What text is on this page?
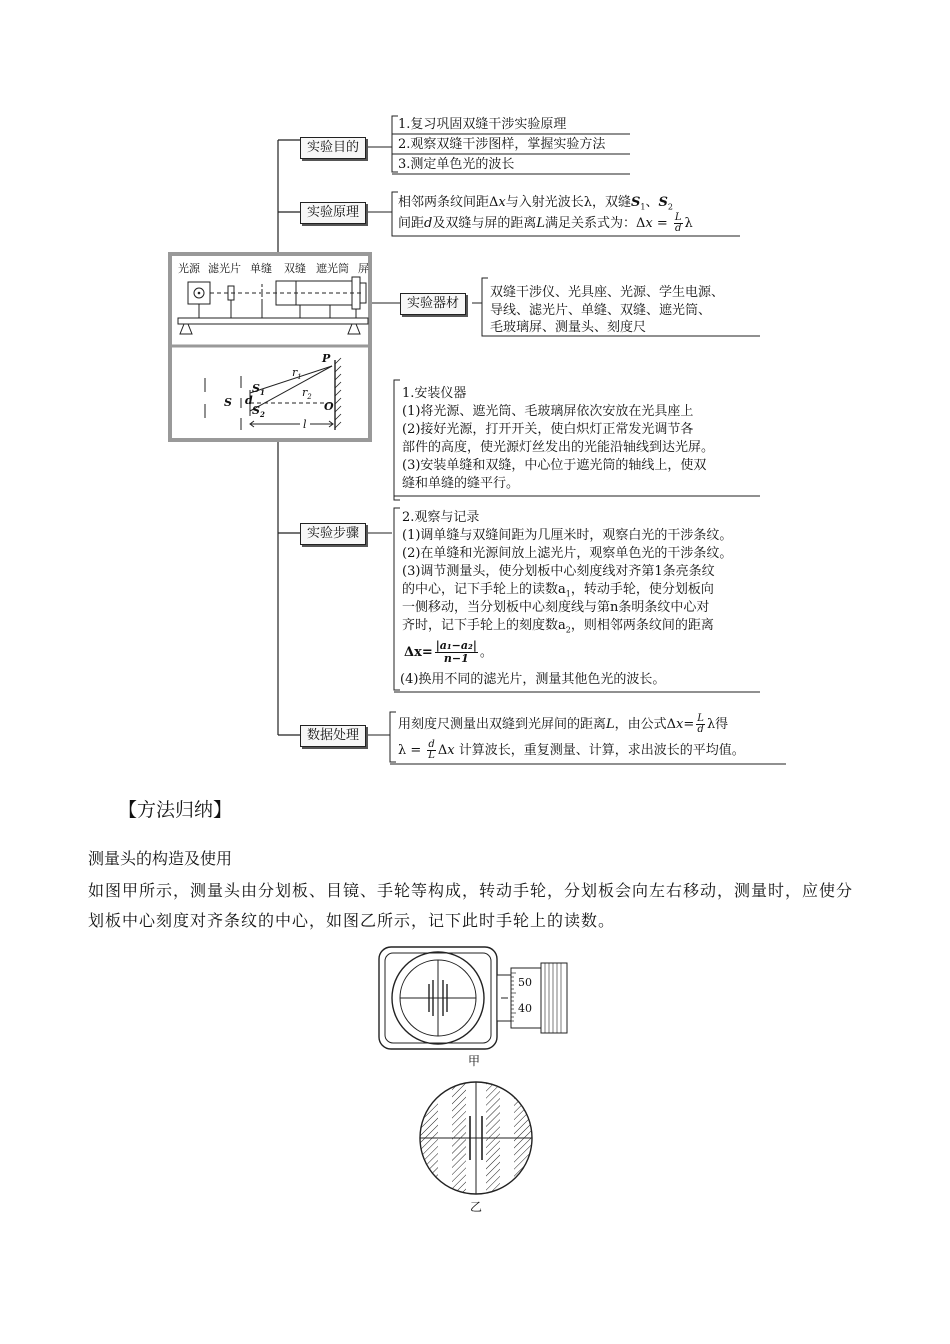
实验目的
实验原理
实验器材
实验步骤
数据处理
1.复习巩固双缝干涉实验原理
2.观察双缝干涉图样，掌握实验方法
3.测定单色光的波长
相邻两条纹间距Δx与入射光波长λ，双缝$S_1$、$S_2$
间距d及双缝与屏的距离L满足关系式为：$\Delta x = \frac{L}{d}$ λ
光源 滤光片 单缝 双缝 遮光筒 屏
P
$r_1$
$r_2$
S
$S_1$
d
$S_2$
O
l
双缝干涉仪、光具座、光源、学生电源、
导线、滤光片、单缝、双缝、遮光筒、
毛玻璃屏、测量头、刻度尺
1.安装仪器
(1)将光源、遮光筒、毛玻璃屏依次安放在光具座上
(2)接好光源，打开开关，使白炽灯正常发光调节各
部件的高度，使光源灯丝发出的光能沿轴线到达光屏。
(3)安装单缝和双缝，中心位于遮光筒的轴线上，使双
缝和单缝的缝平行。
2.观察与记录
(1)调单缝与双缝间距为几厘米时，观察白光的干涉条纹。
(2)在单缝和光源间放上滤光片，观察单色光的干涉条纹。
(3)调节测量头，使分划板中心刻度线对齐第1条亮条纹
的中心，记下手轮上的读数$a_1$，转动手轮，使分划板向
一侧移动，当分划板中心刻度线与第n条明条纹中心对
齐时，记下手轮上的刻度数$a_2$，则相邻两条纹间的距离
$\Delta x= \frac{\text{|a₁−a₂|}}{n-1}$ 。
(4)换用不同的滤光片，测量其他色光的波长。
用刻度尺测量出双缝到光屏间的距离L，由公式$\Delta x= \frac{L}{d}$ λ得
$\lambda = \frac{d}{L}$ Δx 计算波长，重复测量、计算，求出波长的平均值。
【方法归纳】
测量头的构造及使用
如图甲所示，测量头由分划板、目镜、手轮等构成，转动手轮，分划板会向左右移动，测量时，应使分划板中心刻度对齐条纹的中心，如图乙所示，记下此时手轮上的读数。
50
40
甲
乙
